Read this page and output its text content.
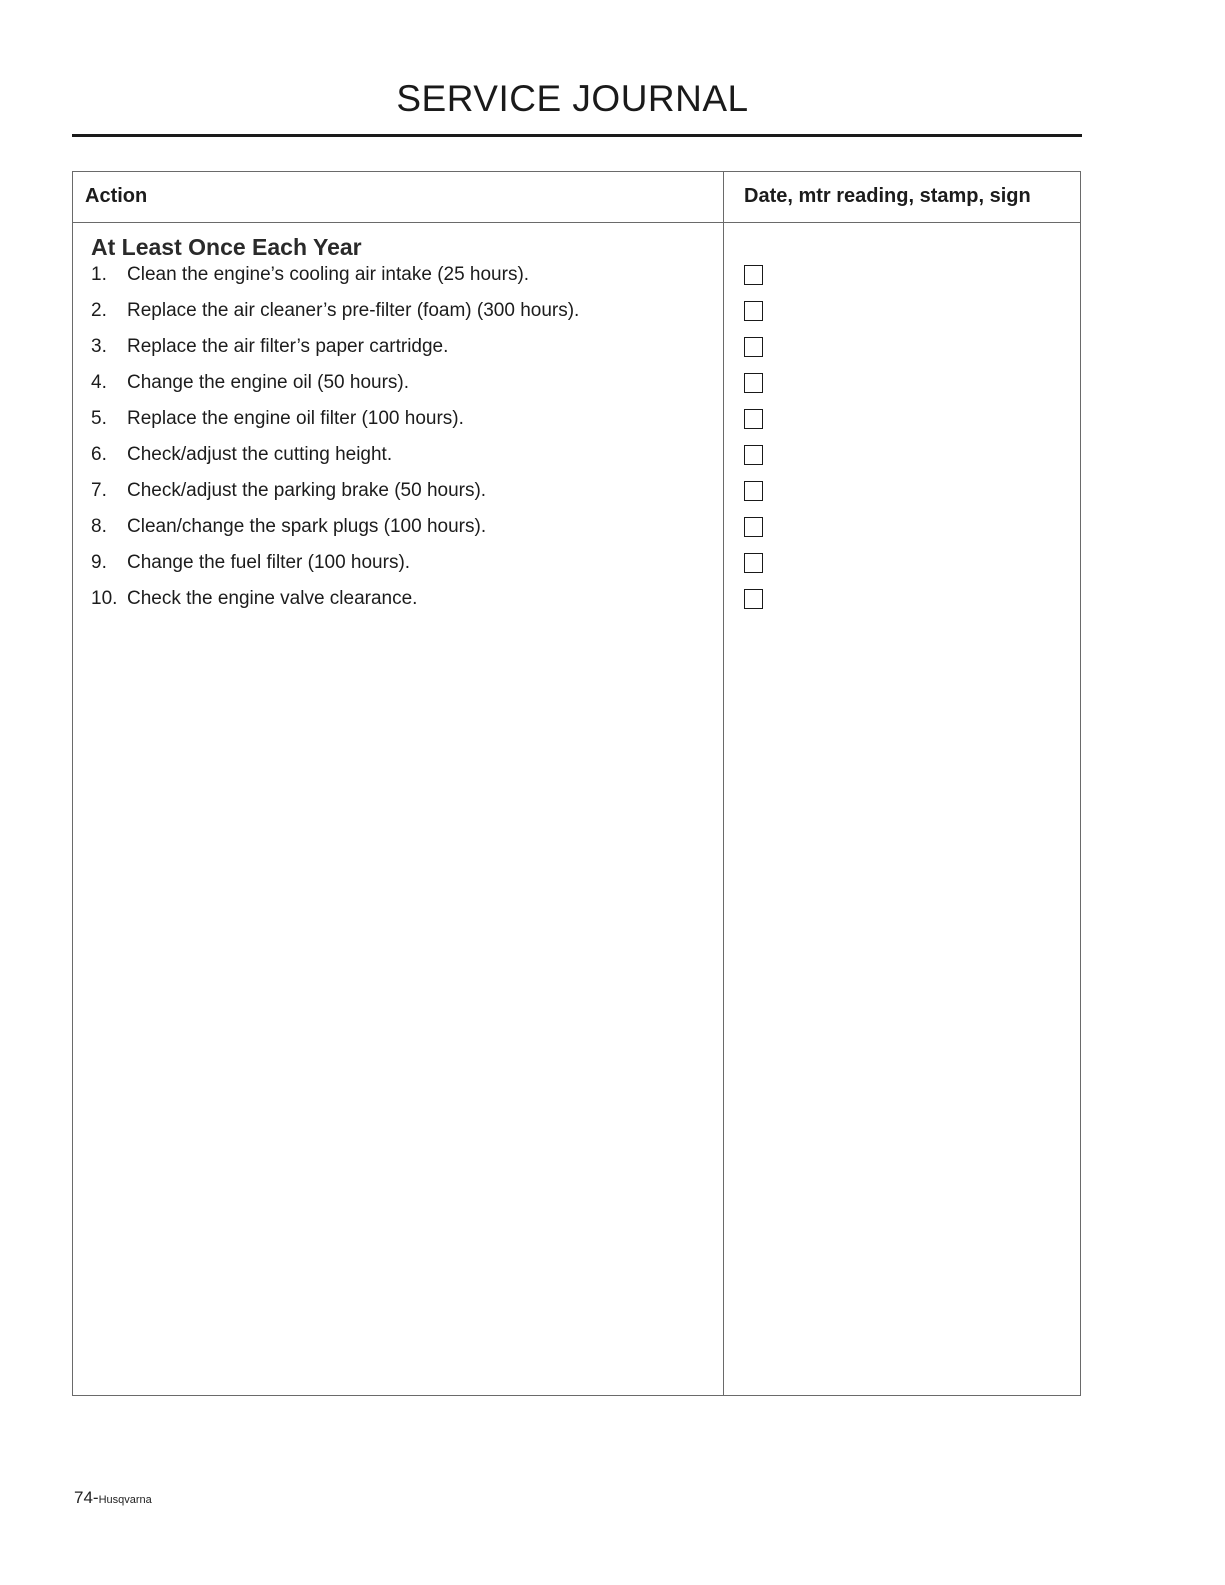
SERVICE JOURNAL
Action	Date, mtr reading, stamp, sign
At Least Once Each Year
1. Clean the engine’s cooling air intake (25 hours).
2. Replace the air cleaner’s pre-filter (foam) (300 hours).
3. Replace the air filter’s paper cartridge.
4. Change the engine oil (50 hours).
5. Replace the engine oil filter (100 hours).
6. Check/adjust the cutting height.
7. Check/adjust the parking brake (50 hours).
8. Clean/change the spark plugs (100 hours).
9. Change the fuel filter (100 hours).
10. Check the engine valve clearance.
74-Husqvarna
